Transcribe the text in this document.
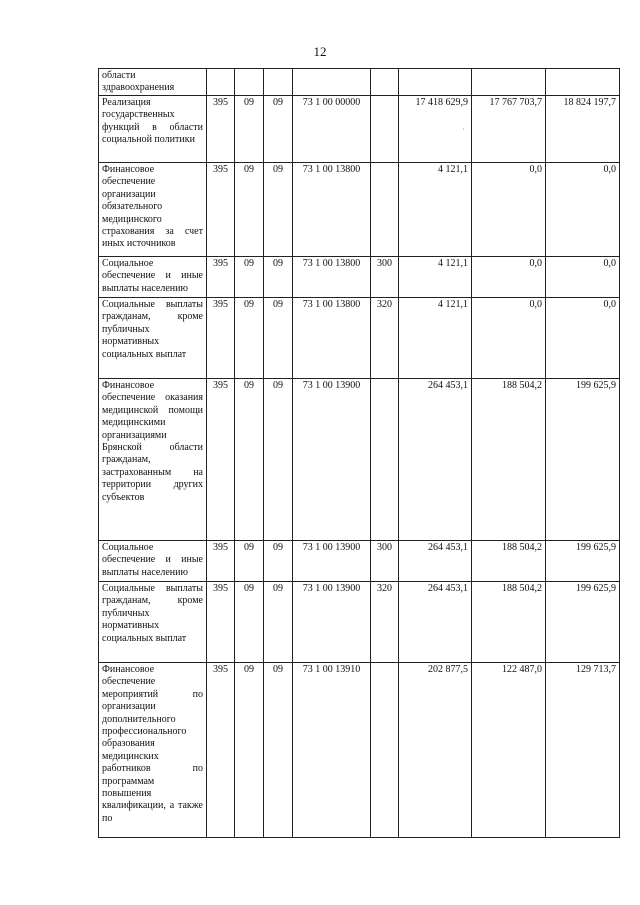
12
области здравоохранения								
Реализация государственных функций в области социальной политики	395	09	09	73 1 00 00000		17 418 629,9	17 767 703,7	18 824 197,7
Финансовое обеспечение организации обязательного медицинского страхования за счет иных источников	395	09	09	73 1 00 13800		4 121,1	0,0	0,0
Социальное обеспечение и иные выплаты населению	395	09	09	73 1 00 13800	300	4 121,1	0,0	0,0
Социальные выплаты гражданам, кроме публичных нормативных социальных выплат	395	09	09	73 1 00 13800	320	4 121,1	0,0	0,0
Финансовое обеспечение оказания медицинской помощи медицинскими организациями Брянской области гражданам, застрахованным на территории других субъектов	395	09	09	73 1 00 13900		264 453,1	188 504,2	199 625,9
Социальное обеспечение и иные выплаты населению	395	09	09	73 1 00 13900	300	264 453,1	188 504,2	199 625,9
Социальные выплаты гражданам, кроме публичных нормативных социальных выплат	395	09	09	73 1 00 13900	320	264 453,1	188 504,2	199 625,9
Финансовое обеспечение мероприятий по организации дополнительного профессионального образования медицинских работников по программам повышения квалификации, а также по	395	09	09	73 1 00 13910		202 877,5	122 487,0	129 713,7
·
